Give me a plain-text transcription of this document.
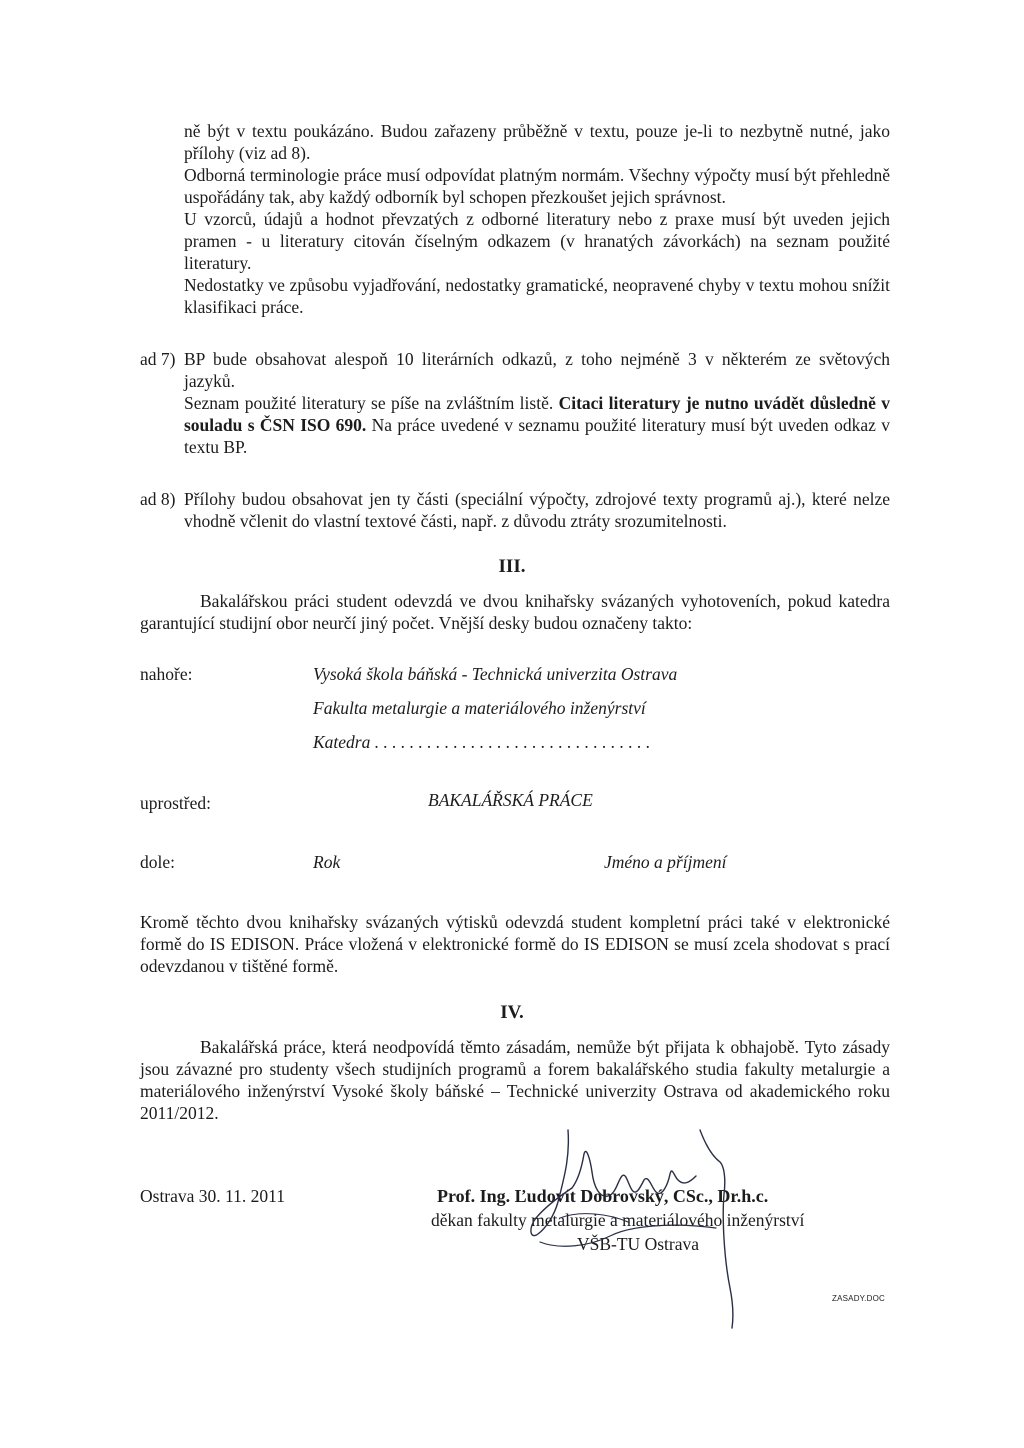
ně být v textu poukázáno. Budou zařazeny průběžně v textu, pouze je-li to nezbytně nutné, jako přílohy (viz ad 8).

Odborná terminologie práce musí odpovídat platným normám. Všechny výpočty musí být přehledně uspořádány tak, aby každý odborník byl schopen přezkoušet jejich správnost.

U vzorců, údajů a hodnot převzatých z odborné literatury nebo z praxe musí být uveden jejich pramen - u literatury citován číselným odkazem (v hranatých závorkách) na seznam použité literatury.

Nedostatky ve způsobu vyjadřování, nedostatky gramatické, neopravené chyby v textu mohou snížit klasifikaci práce.

ad 7) BP bude obsahovat alespoň 10 literárních odkazů, z toho nejméně 3 v některém ze světových jazyků.

Seznam použité literatury se píše na zvláštním listě. Citaci literatury je nutno uvádět důsledně v souladu s ČSN ISO 690. Na práce uvedené v seznamu použité literatury musí být uveden odkaz v textu BP.

ad 8) Přílohy budou obsahovat jen ty části (speciální výpočty, zdrojové texty programů aj.), které nelze vhodně včlenit do vlastní textové části, např. z důvodu ztráty srozumitelnosti.

III.
Bakalářskou práci student odevzdá ve dvou knihařsky svázaných vyhotoveních, pokud katedra garantující studijní obor neurčí jiný počet. Vnější desky budou označeny takto:
nahoře:	Vysoká škola báňská - Technická univerzita Ostrava
Fakulta metalurgie a materiálového inženýrství
Katedra . . . . . . . . . . . . . . . . . . . . . . . . . . . . . . . .
uprostřed:	BAKALÁŘSKÁ PRÁCE
dole:	Rok	Jméno a příjmení
Kromě těchto dvou knihařsky svázaných výtisků odevzdá student kompletní práci také v elektronické formě do IS EDISON. Práce vložená v elektronické formě do IS EDISON se musí zcela shodovat s prací odevzdanou v tištěné formě.
IV.
Bakalářská práce, která neodpovídá těmto zásadám, nemůže být přijata k obhajobě. Tyto zásady jsou závazné pro studenty všech studijních programů a forem bakalářského studia fakulty metalurgie a materiálového inženýrství Vysoké školy báňské – Technické univerzity Ostrava od akademického roku 2011/2012.
Ostrava 30. 11. 2011	Prof. Ing. Ľudovít Dobrovský, CSc., Dr.h.c.
děkan fakulty metalurgie a materiálového inženýrství
VŠB-TU Ostrava
ZASADY.DOC
